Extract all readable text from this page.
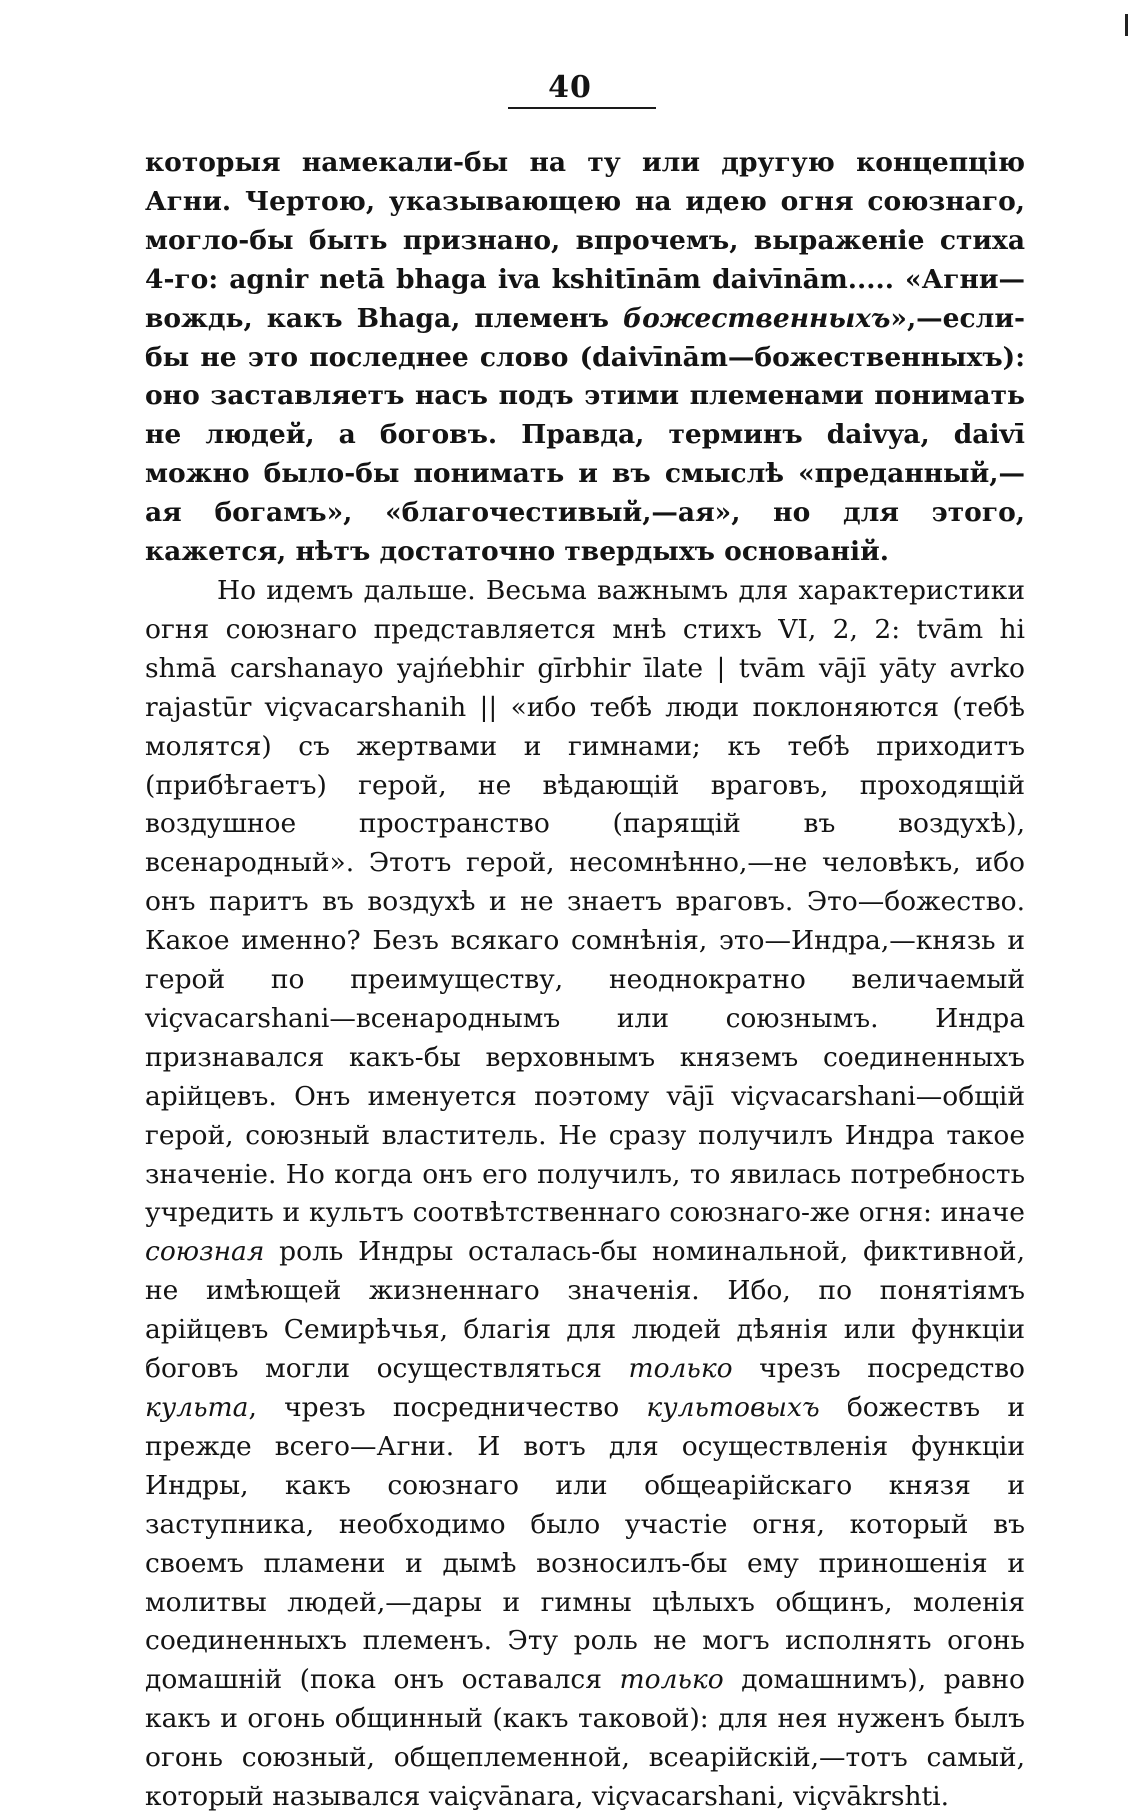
40

которыя намекали-бы на ту или другую концепцію Агни. Чертою, указывающею на идею огня союзнаго, могло-бы быть признано, впрочемъ, выраженіе стиха 4-го: agnir netā bhaga iva kshitīnām daivīnām..... «Агни—вождь, какъ Bhaga, племенъ божественныхъ»,—если-бы не это последнее слово (daivīnām—божественныхъ): оно заставляетъ насъ подъ этими племенами понимать не людей, а боговъ. Правда, терминъ daivya, daivī можно было-бы понимать и въ смыслѣ «преданный,—ая богамъ», «благочестивый,—ая», но для этого, кажется, нѣтъ достаточно твердыхъ основаній.

Но идемъ дальше. Весьма важнымъ для характеристики огня союзнаго представляется мнѣ стихъ VI, 2, 2: tvām hi shmā carshanayo yajńebhir gīrbhir īlate | tvām vājī yāty avrko rajastūr viçvacarshanih || «ибо тебѣ люди поклоняются (тебѣ молятся) съ жертвами и гимнами; къ тебѣ приходитъ (прибѣгаетъ) герой, не вѣдающій враговъ, проходящій воздушное пространство (парящій въ воздухѣ), всенародный». Этотъ герой, несомнѣнно,—не человѣкъ, ибо онъ паритъ въ воздухѣ и не знаетъ враговъ. Это—божество. Какое именно? Безъ всякаго сомнѣнія, это—Индра,—князь и герой по преимуществу, неоднократно величаемый viçvacarshani—всенароднымъ или союзнымъ. Индра признавался какъ-бы верховнымъ княземъ соединенныхъ арійцевъ. Онъ именуется поэтому vājī viçvacarshani—общій герой, союзный властитель. Не сразу получилъ Индра такое значеніе. Но когда онъ его получилъ, то явилась потребность учредить и культъ соотвѣтственнаго союзнаго-же огня: иначе союзная роль Индры осталась-бы номинальной, фиктивной, не имѣющей жизненнаго значенія. Ибо, по понятіямъ арійцевъ Семирѣчья, благія для людей дѣянія или функціи боговъ могли осуществляться только чрезъ посредство культа, чрезъ посредничество культовыхъ божествъ и прежде всего—Агни. И вотъ для осуществленія функціи Индры, какъ союзнаго или общеарійскаго князя и заступника, необходимо было участіе огня, который въ своемъ пламени и дымѣ возносилъ-бы ему приношенія и молитвы людей,—дары и гимны цѣлыхъ общинъ, моленія соединенныхъ племенъ. Эту роль не могъ исполнять огонь домашній (пока онъ оставался только домашнимъ), равно какъ и огонь общинный (какъ таковой): для нея нуженъ былъ огонь союзный, общеплеменной, всеарійскій,—тотъ самый, который назывался vaiçvānara, viçvacarshani, viçvākrshti.
